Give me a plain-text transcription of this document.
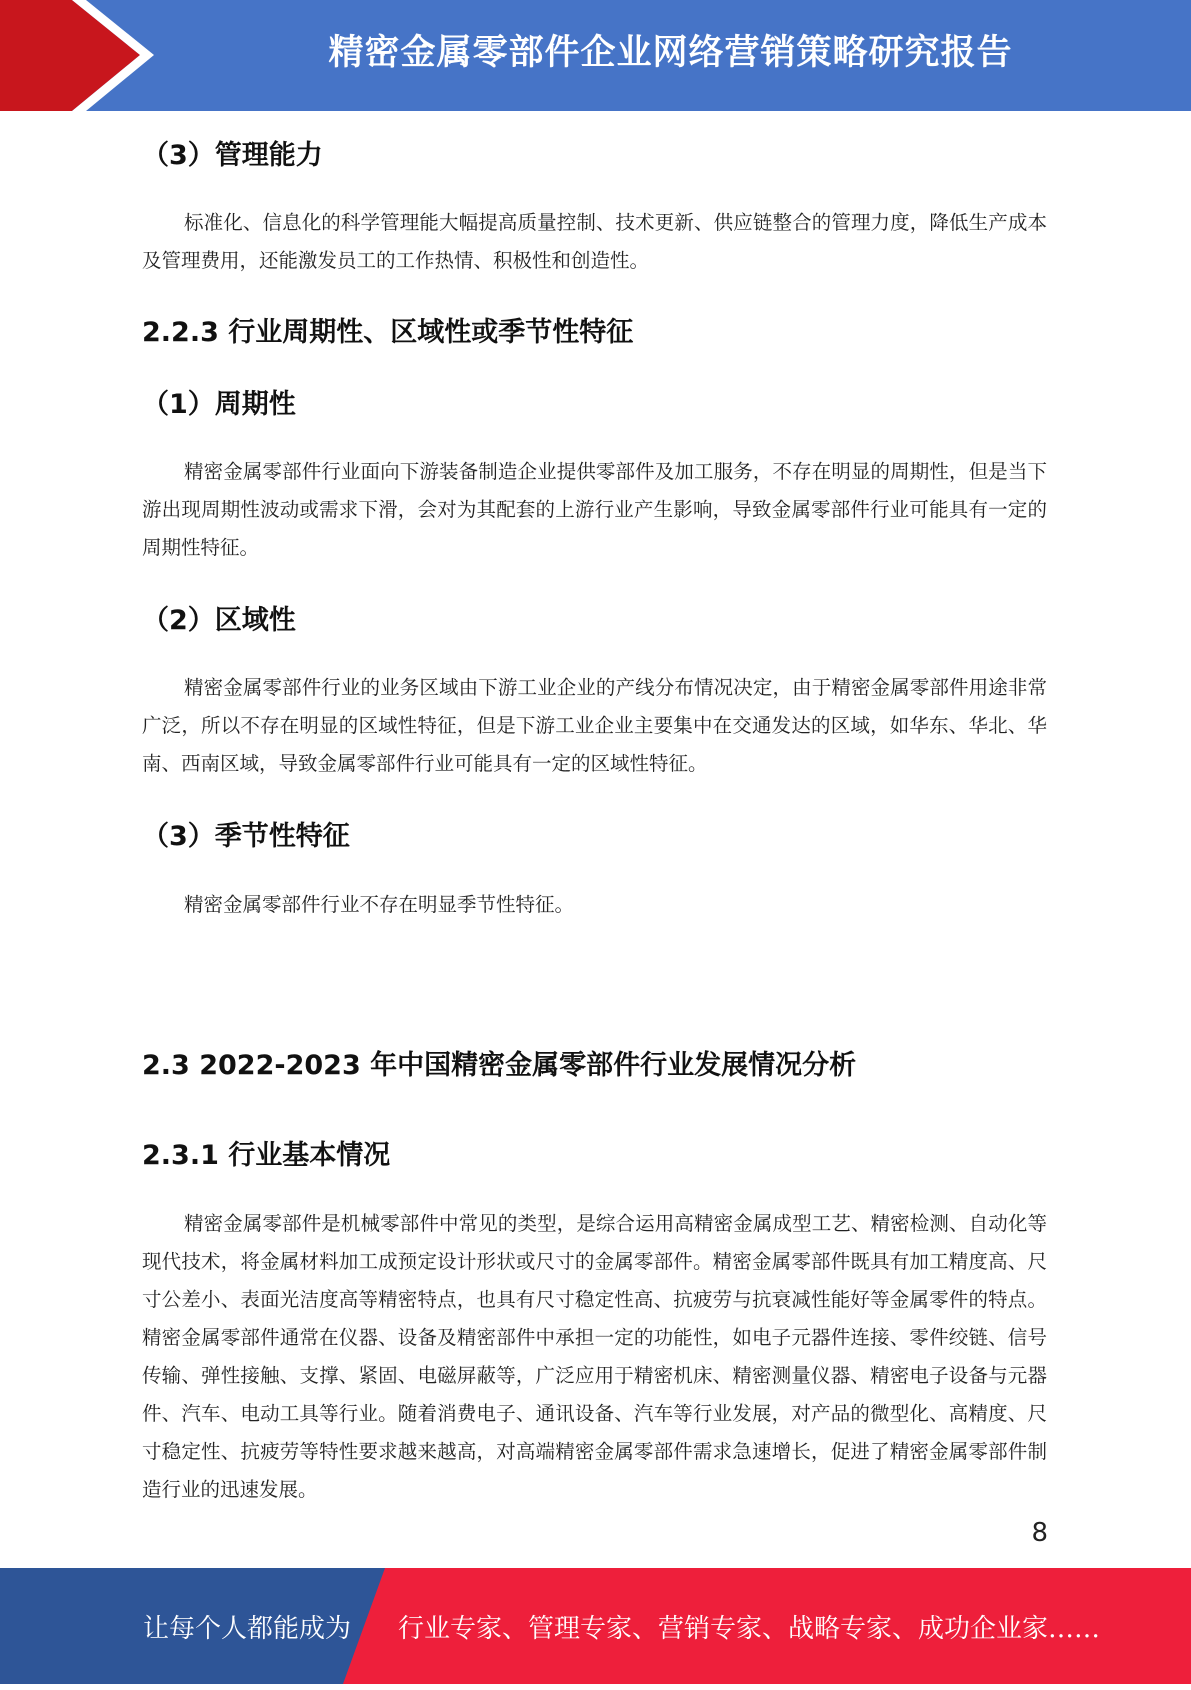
精密金属零部件企业网络营销策略研究报告
（3）管理能力

标准化、信息化的科学管理能大幅提高质量控制、技术更新、供应链整合的管理力度，降低生产成本及管理费用，还能激发员工的工作热情、积极性和创造性。

2.2.3 行业周期性、区域性或季节性特征
（1）周期性

精密金属零部件行业面向下游装备制造企业提供零部件及加工服务，不存在明显的周期性，但是当下游出现周期性波动或需求下滑，会对为其配套的上游行业产生影响，导致金属零部件行业可能具有一定的周期性特征。

（2）区域性

精密金属零部件行业的业务区域由下游工业企业的产线分布情况决定，由于精密金属零部件用途非常广泛，所以不存在明显的区域性特征，但是下游工业企业主要集中在交通发达的区域，如华东、华北、华南、西南区域，导致金属零部件行业可能具有一定的区域性特征。

（3）季节性特征

精密金属零部件行业不存在明显季节性特征。

2.3 2022-2023 年中国精密金属零部件行业发展情况分析
2.3.1 行业基本情况

精密金属零部件是机械零部件中常见的类型，是综合运用高精密金属成型工艺、精密检测、自动化等现代技术，将金属材料加工成预定设计形状或尺寸的金属零部件。精密金属零部件既具有加工精度高、尺寸公差小、表面光洁度高等精密特点，也具有尺寸稳定性高、抗疲劳与抗衰减性能好等金属零件的特点。精密金属零部件通常在仪器、设备及精密部件中承担一定的功能性，如电子元器件连接、零件绞链、信号传输、弹性接触、支撑、紧固、电磁屏蔽等，广泛应用于精密机床、精密测量仪器、精密电子设备与元器件、汽车、电动工具等行业。随着消费电子、通讯设备、汽车等行业发展，对产品的微型化、高精度、尺寸稳定性、抗疲劳等特性要求越来越高，对高端精密金属零部件需求急速增长，促进了精密金属零部件制造行业的迅速发展。

8
让每个人都能成为 行业专家、管理专家、营销专家、战略专家、成功企业家……
